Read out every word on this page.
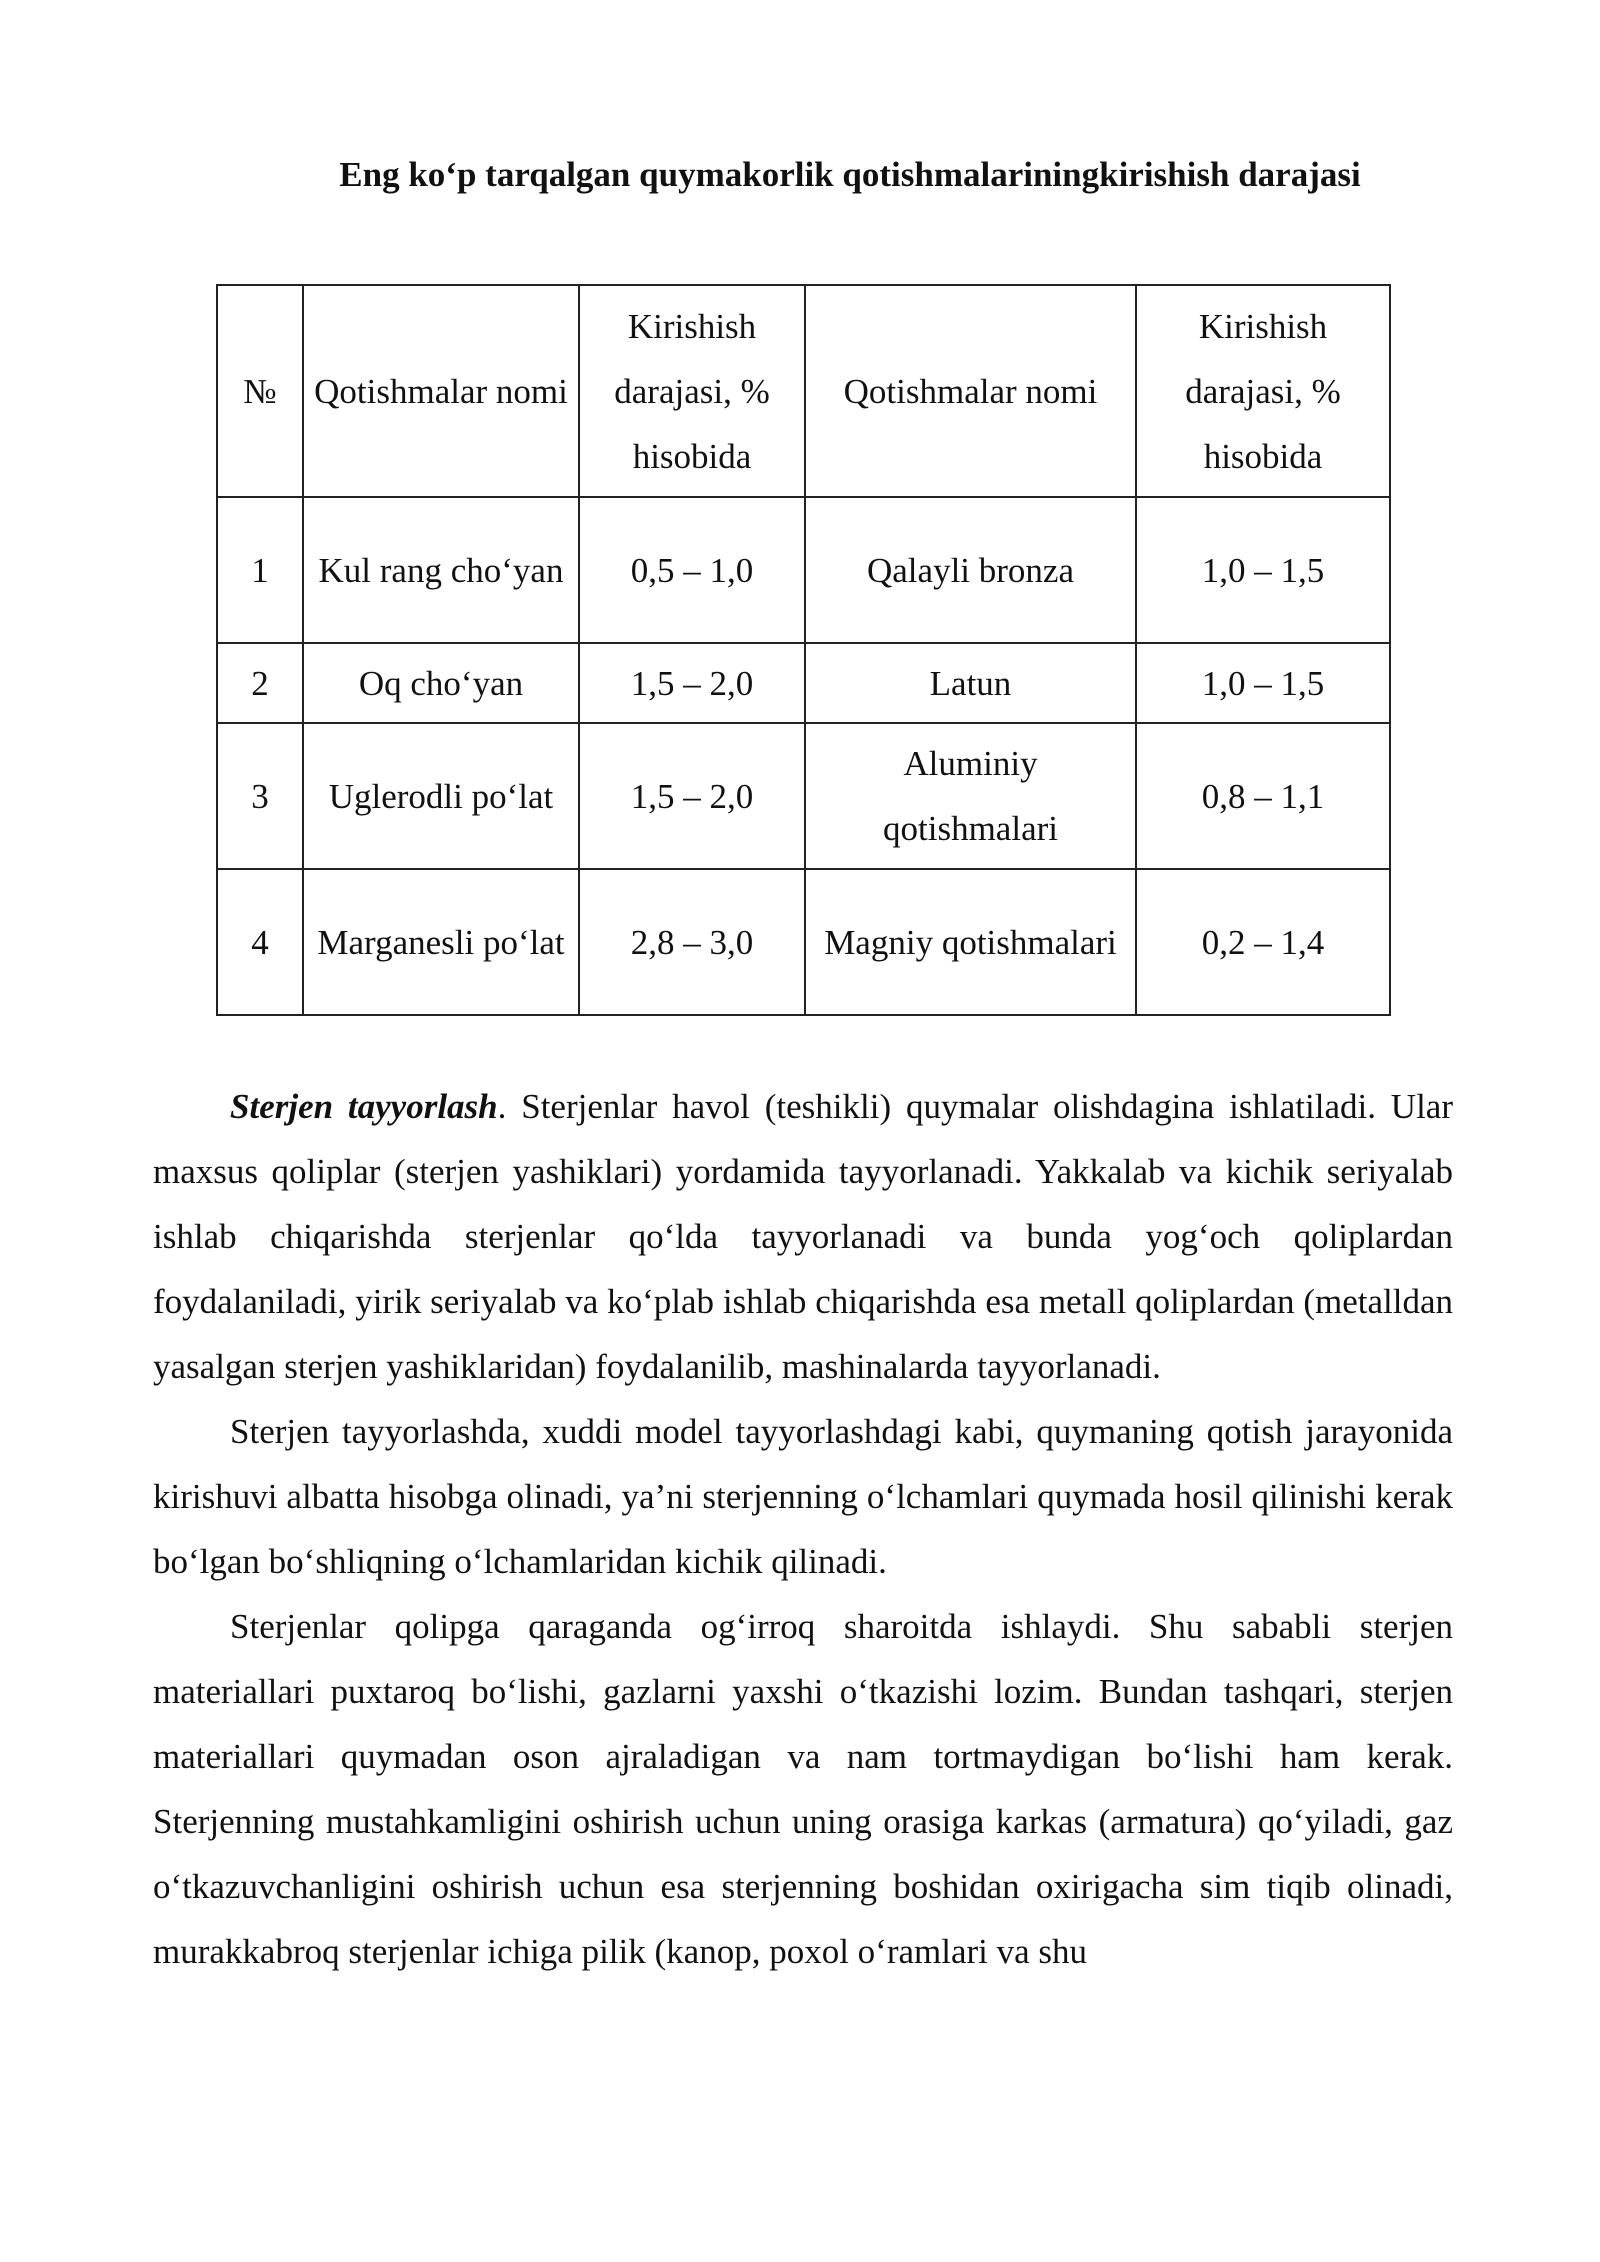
Eng ko‘p tarqalgan quymakorlik qotishmalariningkirishish darajasi
№	Qotishmalar nomi	Kirishish darajasi, % hisobida	Qotishmalar nomi	Kirishish darajasi, % hisobida
1	Kul rang cho‘yan	0,5 – 1,0	Qalayli bronza	1,0 – 1,5
2	Oq cho‘yan	1,5 – 2,0	Latun	1,0 – 1,5
3	Uglerodli po‘lat	1,5 – 2,0	Aluminiy qotishmalari	0,8 – 1,1
4	Marganesli po‘lat	2,8 – 3,0	Magniy qotishmalari	0,2 – 1,4

Sterjen tayyorlash. Sterjenlar havol (teshikli) quymalar olishdagina ishlatiladi. Ular maxsus qoliplar (sterjen yashiklari) yordamida tayyorlanadi. Yakkalab va kichik seriyalab ishlab chiqarishda sterjenlar qo‘lda tayyorlanadi va bunda yog‘och qoliplardan foydalaniladi, yirik seriyalab va ko‘plab ishlab chiqarishda esa metall qoliplardan (metalldan yasalgan sterjen yashiklaridan) foydalanilib, mashinalarda tayyorlanadi.

Sterjen tayyorlashda, xuddi model tayyorlashdagi kabi, quymaning qotish jarayonida kirishuvi albatta hisobga olinadi, ya’ni sterjenning o‘lchamlari quymada hosil qilinishi kerak bo‘lgan bo‘shliqning o‘lchamlaridan kichik qilinadi.

Sterjenlar qolipga qaraganda og‘irroq sharoitda ishlaydi. Shu sababli sterjen materiallari puxtaroq bo‘lishi, gazlarni yaxshi o‘tkazishi lozim. Bundan tashqari, sterjen materiallari quymadan oson ajraladigan va nam tortmaydigan bo‘lishi ham kerak. Sterjenning mustahkamligini oshirish uchun uning orasiga karkas (armatura) qo‘yiladi, gaz o‘tkazuvchanligini oshirish uchun esa sterjenning boshidan oxirigacha sim tiqib olinadi, murakkabroq sterjenlar ichiga pilik (kanop, poxol o‘ramlari va shu
